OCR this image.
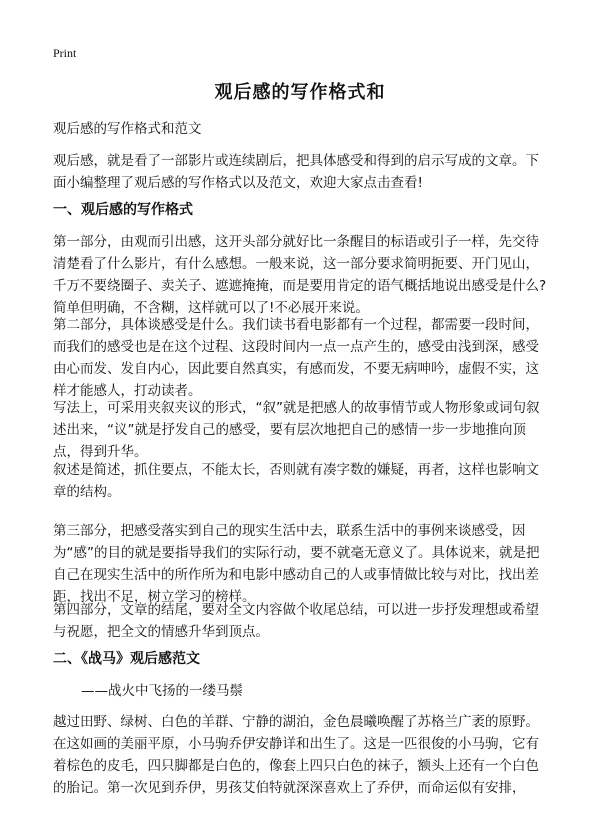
Print
观后感的写作格式和

观后感的写作格式和范文

观后感，就是看了一部影片或连续剧后，把具体感受和得到的启示写成的文章。下面小编整理了观后感的写作格式以及范文，欢迎大家点击查看!

一、观后感的写作格式

第一部分，由观而引出感，这开头部分就好比一条醒目的标语或引子一样，先交待清楚看了什么影片，有什么感想。一般来说，这一部分要求简明扼要、开门见山，千万不要绕圈子、卖关子、遮遮掩掩，而是要用肯定的语气概括地说出感受是什么?简单但明确，不含糊，这样就可以了!不必展开来说。

第二部分，具体谈感受是什么。我们读书看电影都有一个过程，都需要一段时间，而我们的感受也是在这个过程、这段时间内一点一点产生的，感受由浅到深，感受由心而发、发自内心，因此要自然真实，有感而发，不要无病呻吟，虚假不实，这样才能感人，打动读者。

写法上，可采用夹叙夹议的形式，“叙”就是把感人的故事情节或人物形象或词句叙述出来，“议”就是抒发自己的感受，要有层次地把自己的感情一步一步地推向顶点，得到升华。

叙述是简述，抓住要点，不能太长，否则就有凑字数的嫌疑，再者，这样也影响文章的结构。

第三部分，把感受落实到自己的现实生活中去，联系生活中的事例来谈感受，因为“感”的目的就是要指导我们的实际行动，要不就毫无意义了。具体说来，就是把自己在现实生活中的所作所为和电影中感动自己的人或事情做比较与对比，找出差距，找出不足，树立学习的榜样。

第四部分，文章的结尾，要对全文内容做个收尾总结，可以进一步抒发理想或希望与祝愿，把全文的情感升华到顶点。

二、《战马》观后感范文

——战火中飞扬的一缕马鬃

越过田野、绿树、白色的羊群、宁静的湖泊，金色晨曦唤醒了苏格兰广袤的原野。在这如画的美丽平原，小马驹乔伊安静详和出生了。这是一匹很俊的小马驹，它有着棕色的皮毛，四只脚都是白色的，像套上四只白色的袜子，额头上还有一个白色的胎记。第一次见到乔伊，男孩艾伯特就深深喜欢上了乔伊，而命运似有安排，
